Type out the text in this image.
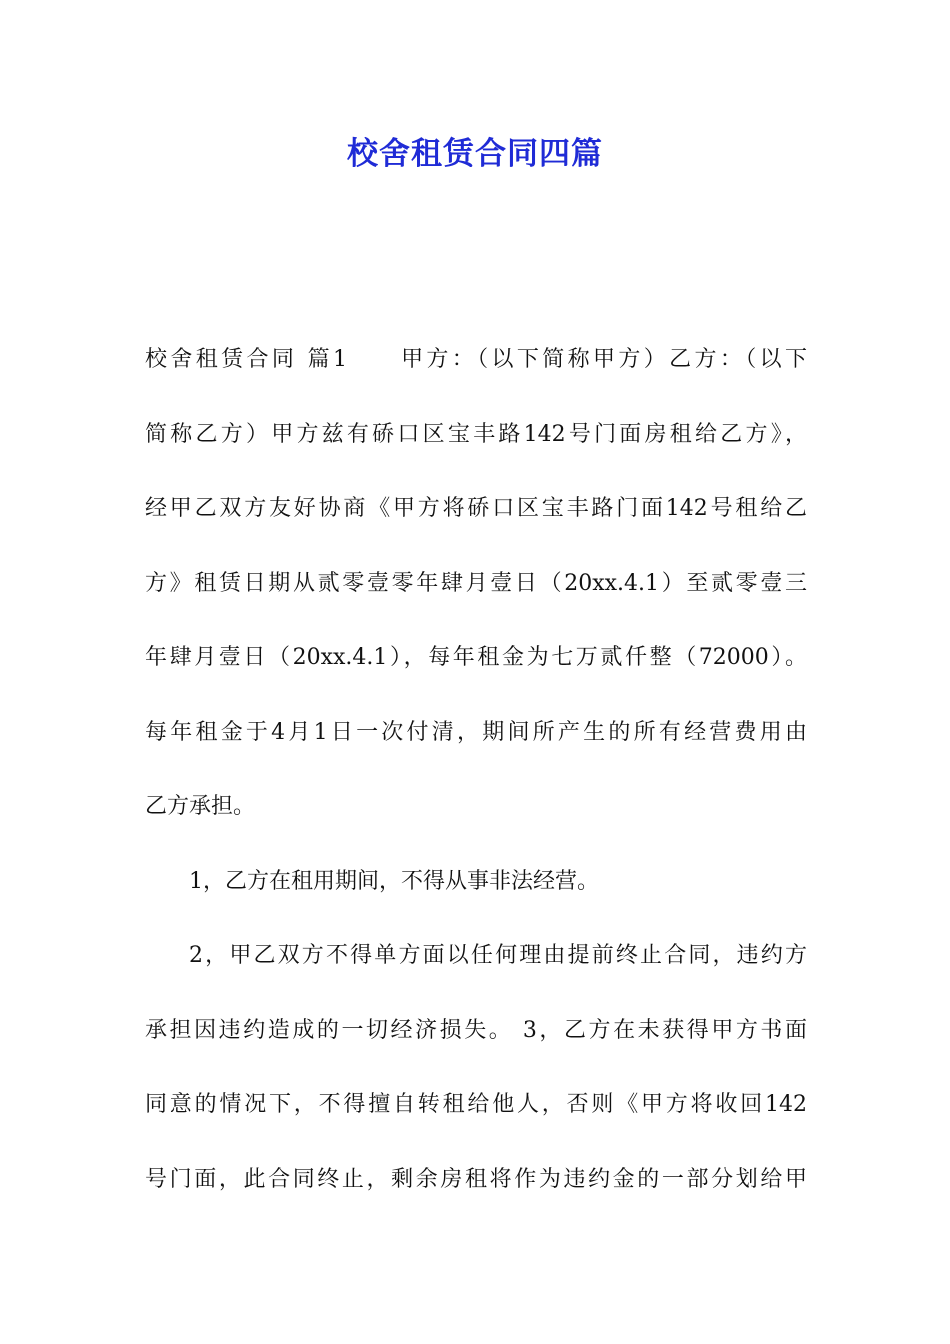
校舍租赁合同四篇
校舍租赁合同 篇1　　甲方：（以下简称甲方）乙方：（以下
简称乙方）甲方兹有硚口区宝丰路142号门面房租给乙方》，
经甲乙双方友好协商《甲方将硚口区宝丰路门面142号租给乙
方》租赁日期从贰零壹零年肆月壹日（20xx.4.1）至贰零壹三
年肆月壹日（20xx.4.1），每年租金为七万贰仟整（72000）。
每年租金于4月1日一次付清，期间所产生的所有经营费用由
乙方承担。
1，乙方在租用期间，不得从事非法经营。
2，甲乙双方不得单方面以任何理由提前终止合同，违约方
承担因违约造成的一切经济损失。 3，乙方在未获得甲方书面
同意的情况下，不得擅自转租给他人，否则《甲方将收回142
号门面，此合同终止，剩余房租将作为违约金的一部分划给甲
